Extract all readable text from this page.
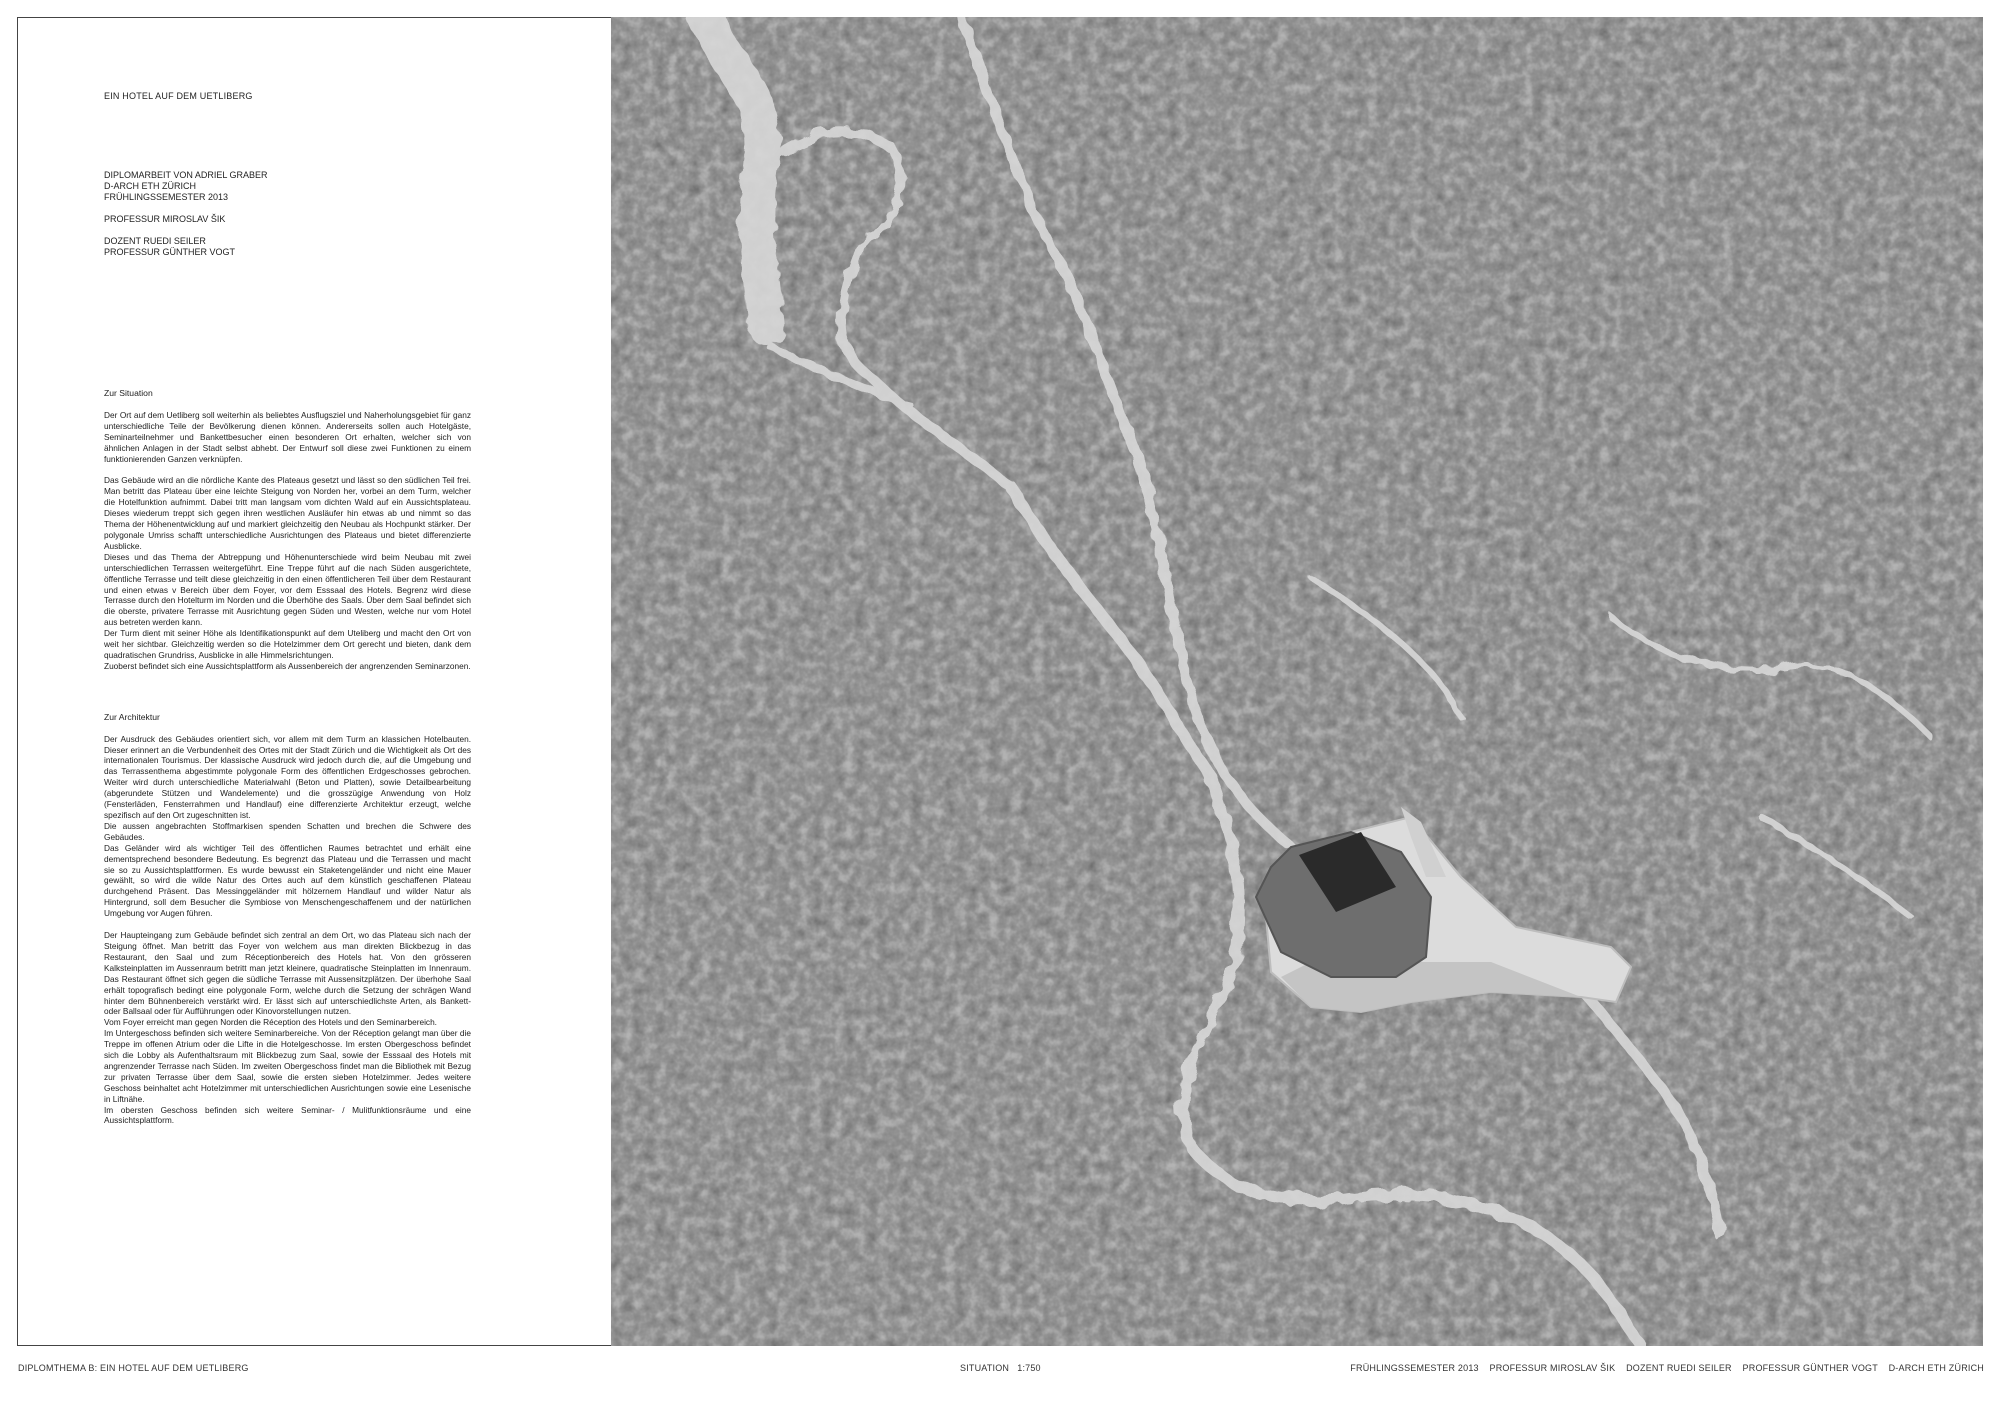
EIN HOTEL AUF DEM UETLIBERG
DIPLOMARBEIT VON ADRIEL GRABER
D-ARCH ETH ZÜRICH
FRÜHLINGSSEMESTER 2013
PROFESSUR MIROSLAV ŠIK
DOZENT RUEDI SEILER
PROFESSUR GÜNTHER VOGT
Zur Situation

Der Ort auf dem Uetliberg soll weiterhin als beliebtes Ausflugsziel und Naherholungsgebiet für ganz unterschiedliche Teile der Bevölkerung dienen können. Andererseits sollen auch Hotelgäste, Seminarteilnehmer und Bankettbesucher einen besonderen Ort erhalten, welcher sich von ähnlichen Anlagen in der Stadt selbst abhebt. Der Entwurf soll diese zwei Funktionen zu einem funktionierenden Ganzen verknüpfen.

Das Gebäude wird an die nördliche Kante des Plateaus gesetzt und lässt so den südlichen Teil frei. Man betritt das Plateau über eine leichte Steigung von Norden her, vorbei an dem Turm, welcher die Hotelfunktion aufnimmt. Dabei tritt man langsam vom dichten Wald auf ein Aussichtsplateau. Dieses wiederum treppt sich gegen ihren westlichen Ausläufer hin etwas ab und nimmt so das Thema der Höhenentwicklung auf und markiert gleichzeitig den Neubau als Hochpunkt stärker. Der polygonale Umriss schafft unterschiedliche Ausrichtungen des Plateaus und bietet differenzierte Ausblicke.

Dieses und das Thema der Abtreppung und Höhenunterschiede wird beim Neubau mit zwei unterschiedlichen Terrassen weitergeführt. Eine Treppe führt auf die nach Süden ausgerichtete, öffentliche Terrasse und teilt diese gleichzeitig in den einen öffentlicheren Teil über dem Restaurant und einen etwas v Bereich über dem Foyer, vor dem Esssaal des Hotels. Begrenz wird diese Terrasse durch den Hotelturm im Norden und die Überhöhe des Saals. Über dem Saal befindet sich die oberste, privatere Terrasse mit Ausrichtung gegen Süden und Westen, welche nur vom Hotel aus betreten werden kann.

Der Turm dient mit seiner Höhe als Identifikationspunkt auf dem Uteliberg und macht den Ort von weit her sichtbar. Gleichzeitig werden so die Hotelzimmer dem Ort gerecht und bieten, dank dem quadratischen Grundriss, Ausblicke in alle Himmelsrichtungen.

Zuoberst befindet sich eine Aussichtsplattform als Aussenbereich der angrenzenden Seminarzonen.

Zur Architektur

Der Ausdruck des Gebäudes orientiert sich, vor allem mit dem Turm an klassichen Hotelbauten. Dieser erinnert an die Verbundenheit des Ortes mit der Stadt Zürich und die Wichtigkeit als Ort des internationalen Tourismus. Der klassische Ausdruck wird jedoch durch die, auf die Umgebung und das Terrassenthema abgestimmte polygonale Form des öffentlichen Erdgeschosses gebrochen. Weiter wird durch unterschiedliche Materialwahl (Beton und Platten), sowie Detailbearbeitung (abgerundete Stützen und Wandelemente) und die grosszügige Anwendung von Holz (Fensterläden, Fensterrahmen und Handlauf) eine differenzierte Architektur erzeugt, welche spezifisch auf den Ort zugeschnitten ist.

Die aussen angebrachten Stoffmarkisen spenden Schatten und brechen die Schwere des Gebäudes.

Das Geländer wird als wichtiger Teil des öffentlichen Raumes betrachtet und erhält eine dementsprechend besondere Bedeutung. Es begrenzt das Plateau und die Terrassen und macht sie so zu Aussichtsplattformen. Es wurde bewusst ein Staketengeländer und nicht eine Mauer gewählt, so wird die wilde Natur des Ortes auch auf dem künstlich geschaffenen Plateau durchgehend Präsent. Das Messinggeländer mit hölzernem Handlauf und wilder Natur als Hintergrund, soll dem Besucher die Symbiose von Menschengeschaffenem und der natürlichen Umgebung vor Augen führen.

Der Haupteingang zum Gebäude befindet sich zentral an dem Ort, wo das Plateau sich nach der Steigung öffnet. Man betritt das Foyer von welchem aus man direkten Blickbezug in das Restaurant, den Saal und zum Réceptionbereich des Hotels hat. Von den grösseren Kalksteinplatten im Aussenraum betritt man jetzt kleinere, quadratische Steinplatten im Innenraum. Das Restaurant öffnet sich gegen die südliche Terrasse mit Aussensitzplätzen. Der überhohe Saal erhält topografisch bedingt eine polygonale Form, welche durch die Setzung der schrägen Wand hinter dem Bühnenbereich verstärkt wird. Er lässt sich auf unterschiedlichste Arten, als Bankett- oder Ballsaal oder für Aufführungen oder Kinovorstellungen nutzen.

Vom Foyer erreicht man gegen Norden die Réception des Hotels und den Seminarbereich.

Im Untergeschoss befinden sich weitere Seminarbereiche. Von der Réception gelangt man über die Treppe im offenen Atrium oder die Lifte in die Hotelgeschosse. Im ersten Obergeschoss befindet sich die Lobby als Aufenthaltsraum mit Blickbezug zum Saal, sowie der Esssaal des Hotels mit angrenzender Terrasse nach Süden. Im zweiten Obergeschoss findet man die Bibliothek mit Bezug zur privaten Terrasse über dem Saal, sowie die ersten sieben Hotelzimmer. Jedes weitere Geschoss beinhaltet acht Hotelzimmer mit unterschiedlichen Ausrichtungen sowie eine Lesenische in Liftnähe.

Im obersten Geschoss befinden sich weitere Seminar- / Mulitfunktionsräume und eine Aussichtsplattform.

DIPLOMTHEMA B: EIN HOTEL AUF DEM UETLIBERG	SITUATION   1:750	FRÜHLINGSSEMESTER 2013    PROFESSUR MIROSLAV ŠIK    DOZENT RUEDI SEILER    PROFESSUR GÜNTHER VOGT    D-ARCH ETH ZÜRICH
